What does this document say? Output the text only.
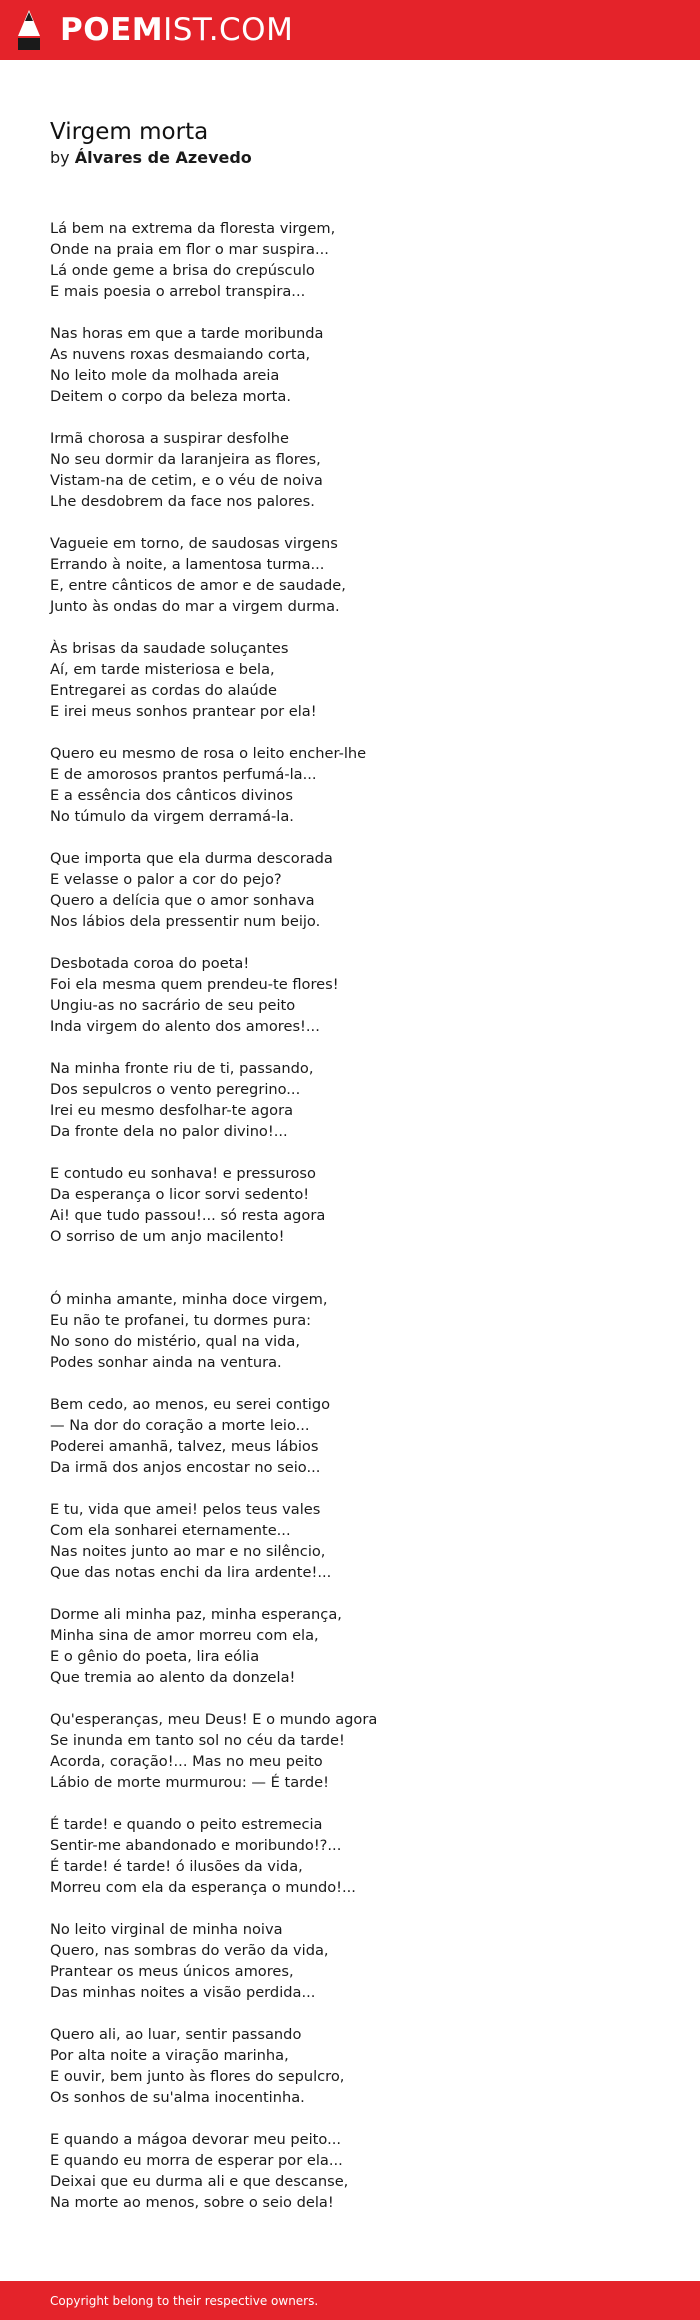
POEMIST.COM
Virgem morta
by Álvares de Azevedo
Lá bem na extrema da floresta virgem,
Onde na praia em flor o mar suspira...
Lá onde geme a brisa do crepúsculo
E mais poesia o arrebol transpira...
Nas horas em que a tarde moribunda
As nuvens roxas desmaiando corta,
No leito mole da molhada areia
Deitem o corpo da beleza morta.
Irmã chorosa a suspirar desfolhe
No seu dormir da laranjeira as flores,
Vistam-na de cetim, e o véu de noiva
Lhe desdobrem da face nos palores.
Vagueie em torno, de saudosas virgens
Errando à noite, a lamentosa turma...
E, entre cânticos de amor e de saudade,
Junto às ondas do mar a virgem durma.
Às brisas da saudade soluçantes
Aí, em tarde misteriosa e bela,
Entregarei as cordas do alaúde
E irei meus sonhos prantear por ela!
Quero eu mesmo de rosa o leito encher-lhe
E de amorosos prantos perfumá-la...
E a essência dos cânticos divinos
No túmulo da virgem derramá-la.
Que importa que ela durma descorada
E velasse o palor a cor do pejo?
Quero a delícia que o amor sonhava
Nos lábios dela pressentir num beijo.
Desbotada coroa do poeta!
Foi ela mesma quem prendeu-te flores!
Ungiu-as no sacrário de seu peito
Inda virgem do alento dos amores!...
Na minha fronte riu de ti, passando,
Dos sepulcros o vento peregrino...
Irei eu mesmo desfolhar-te agora
Da fronte dela no palor divino!...
E contudo eu sonhava! e pressuroso
Da esperança o licor sorvi sedento!
Ai! que tudo passou!... só resta agora
O sorriso de um anjo macilento!
Ó minha amante, minha doce virgem,
Eu não te profanei, tu dormes pura:
No sono do mistério, qual na vida,
Podes sonhar ainda na ventura.
Bem cedo, ao menos, eu serei contigo
— Na dor do coração a morte leio...
Poderei amanhã, talvez, meus lábios
Da irmã dos anjos encostar no seio...
E tu, vida que amei! pelos teus vales
Com ela sonharei eternamente...
Nas noites junto ao mar e no silêncio,
Que das notas enchi da lira ardente!...
Dorme ali minha paz, minha esperança,
Minha sina de amor morreu com ela,
E o gênio do poeta, lira eólia
Que tremia ao alento da donzela!
Qu'esperanças, meu Deus! E o mundo agora
Se inunda em tanto sol no céu da tarde!
Acorda, coração!... Mas no meu peito
Lábio de morte murmurou: — É tarde!
É tarde! e quando o peito estremecia
Sentir-me abandonado e moribundo!?...
É tarde! é tarde! ó ilusões da vida,
Morreu com ela da esperança o mundo!...
No leito virginal de minha noiva
Quero, nas sombras do verão da vida,
Prantear os meus únicos amores,
Das minhas noites a visão perdida...
Quero ali, ao luar, sentir passando
Por alta noite a viração marinha,
E ouvir, bem junto às flores do sepulcro,
Os sonhos de su'alma inocentinha.
E quando a mágoa devorar meu peito...
E quando eu morra de esperar por ela...
Deixai que eu durma ali e que descanse,
Na morte ao menos, sobre o seio dela!
Copyright belong to their respective owners.
